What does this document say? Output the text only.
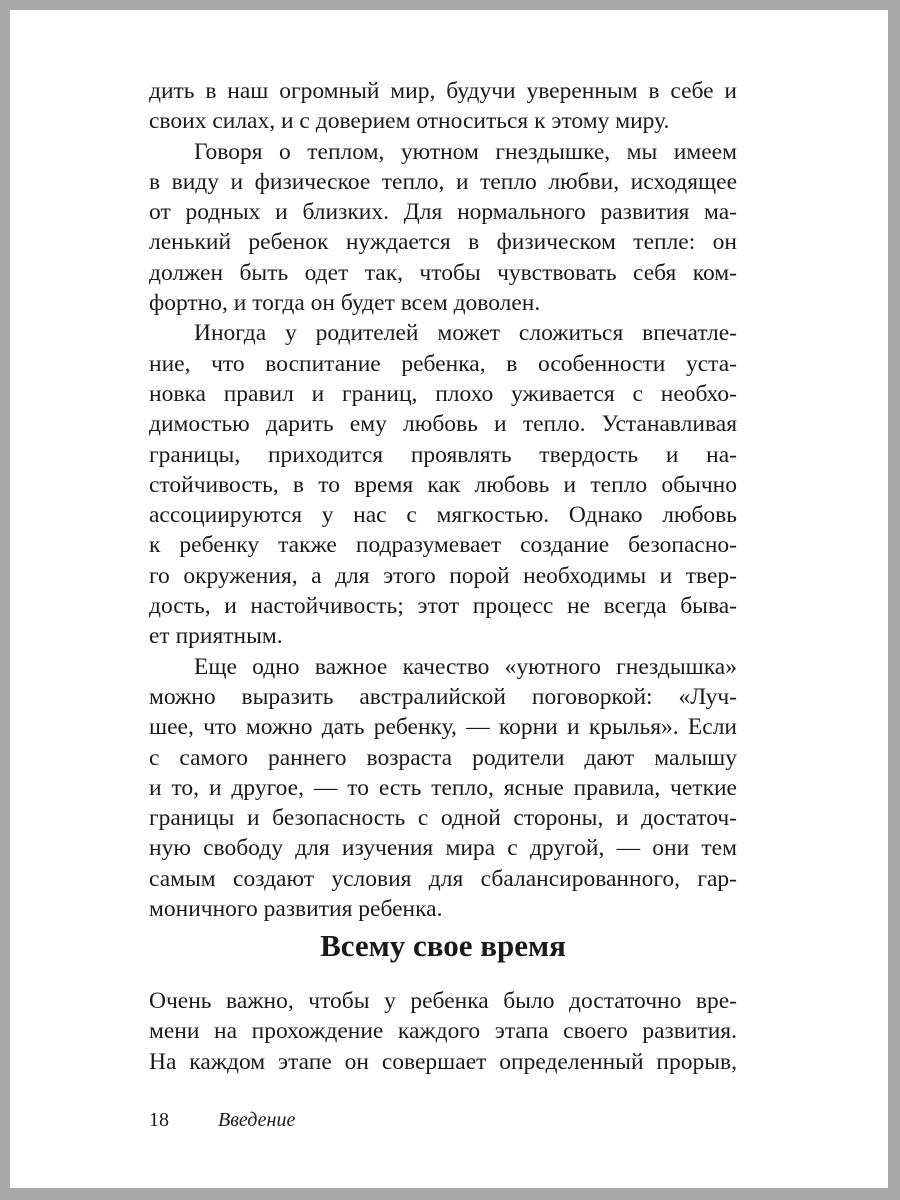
дить в наш огромный мир, будучи уверенным в себе и
своих силах, и с доверием относиться к этому миру.
Говоря о теплом, уютном гнездышке, мы имеем
в виду и физическое тепло, и тепло любви, исходящее
от родных и близких. Для нормального развития ма-
ленький ребенок нуждается в физическом тепле: он
должен быть одет так, чтобы чувствовать себя ком-
фортно, и тогда он будет всем доволен.
Иногда у родителей может сложиться впечатле-
ние, что воспитание ребенка, в особенности уста-
новка правил и границ, плохо уживается с необхо-
димостью дарить ему любовь и тепло. Устанавливая
границы, приходится проявлять твердость и на-
стойчивость, в то время как любовь и тепло обычно
ассоциируются у нас с мягкостью. Однако любовь
к ребенку также подразумевает создание безопасно-
го окружения, а для этого порой необходимы и твер-
дость, и настойчивость; этот процесс не всегда быва-
ет приятным.
Еще одно важное качество «уютного гнездышка»
можно выразить австралийской поговоркой: «Луч-
шее, что можно дать ребенку, — корни и крылья». Если
с самого раннего возраста родители дают малышу
и то, и другое, — то есть тепло, ясные правила, четкие
границы и безопасность с одной стороны, и достаточ-
ную свободу для изучения мира с другой, — они тем
самым создают условия для сбалансированного, гар-
моничного развития ребенка.
Всему свое время
Очень важно, чтобы у ребенка было достаточно вре-
мени на прохождение каждого этапа своего развития.
На каждом этапе он совершает определенный прорыв,
18 Введение
